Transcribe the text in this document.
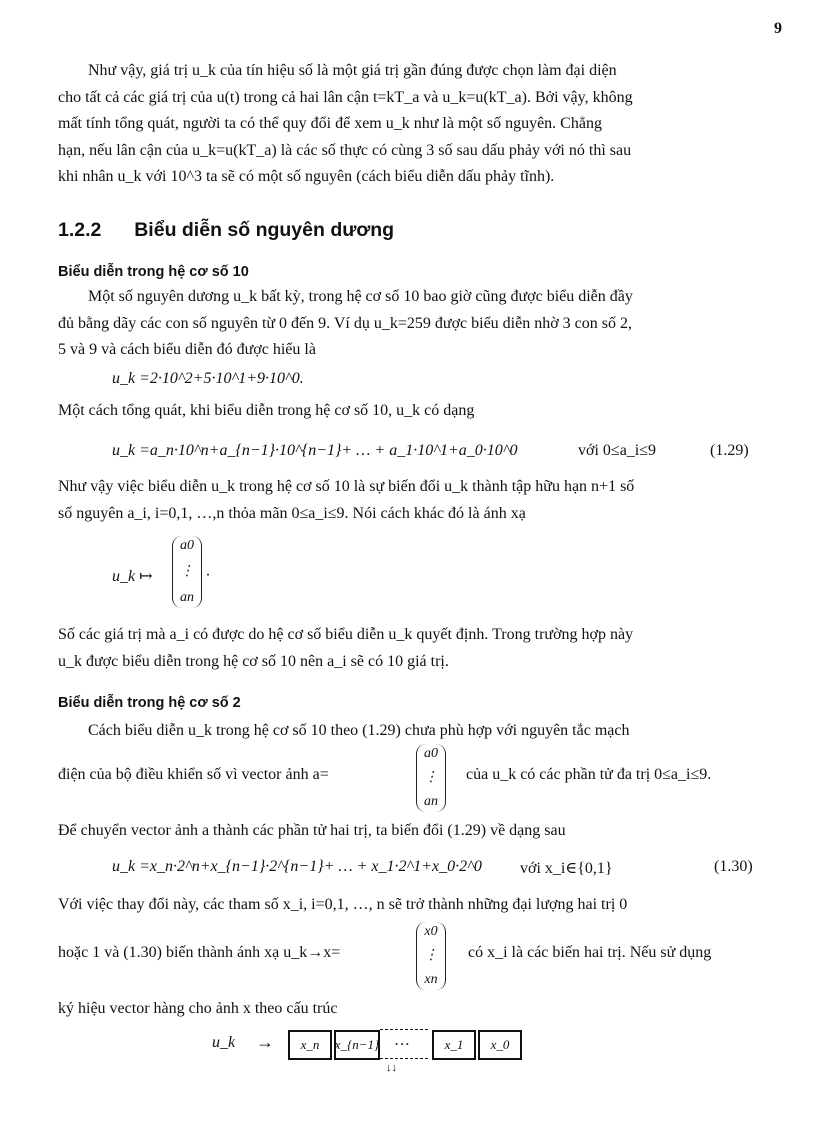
9
Như vậy, giá trị u_k của tín hiệu số là một giá trị gần đúng được chọn làm đại diện
cho tất cả các giá trị của u(t) trong cả hai lân cận t=kT_a và u_k=u(kT_a). Bởi vậy, không
mất tính tổng quát, người ta có thể quy đổi để xem u_k như là một số nguyên. Chẳng
hạn, nếu lân cận của u_k=u(kT_a) là các số thực có cùng 3 số sau dấu phảy với nó thì sau
khi nhân u_k với 10^3 ta sẽ có một số nguyên (cách biểu diễn dấu phảy tĩnh).
1.2.2 Biểu diễn số nguyên dương
Biểu diễn trong hệ cơ số 10
Một số nguyên dương u_k bất kỳ, trong hệ cơ số 10 bao giờ cũng được biểu diễn đầy
đủ bằng dãy các con số nguyên từ 0 đến 9. Ví dụ u_k=259 được biểu diễn nhờ 3 con số 2,
5 và 9 và cách biểu diễn đó được hiểu là
u_k =2·10^2+5·10^1+9·10^0.
Một cách tổng quát, khi biểu diễn trong hệ cơ số 10, u_k có dạng
u_k =a_n·10^n+a_{n−1}·10^{n−1}+ … + a_1·10^1+a_0·10^0	với 0≤a_i≤9	(1.29)
Như vậy việc biểu diễn u_k trong hệ cơ số 10 là sự biến đổi u_k thành tập hữu hạn n+1 số
số nguyên a_i, i=0,1, …,n thỏa mãn 0≤a_i≤9. Nói cách khác đó là ánh xạ
u_k ↦
a0
⋮
an
.
Số các giá trị mà a_i có được do hệ cơ số biểu diễn u_k quyết định. Trong trường hợp này
u_k được biểu diễn trong hệ cơ số 10 nên a_i sẽ có 10 giá trị.
Biểu diễn trong hệ cơ số 2
Cách biểu diễn u_k trong hệ cơ số 10 theo (1.29) chưa phù hợp với nguyên tắc mạch
điện của bộ điều khiển số vì vector ảnh a=
a0
⋮
an
của u_k có các phần tử đa trị 0≤a_i≤9.
Để chuyển vector ảnh a thành các phần tử hai trị, ta biến đổi (1.29) về dạng sau
u_k =x_n·2^n+x_{n−1}·2^{n−1}+ … + x_1·2^1+x_0·2^0 với x_i∈{0,1}	(1.30)
Với việc thay đổi này, các tham số x_i, i=0,1, …, n sẽ trở thành những đại lượng hai trị 0
hoặc 1 và (1.30) biến thành ánh xạ u_k→x=
x0
⋮
xn
có x_i là các biến hai trị. Nếu sử dụng
ký hiệu vector hàng cho ảnh x theo cấu trúc
u_k →	x_n	x_{n−1} …	x_1	x_0
↓↓
